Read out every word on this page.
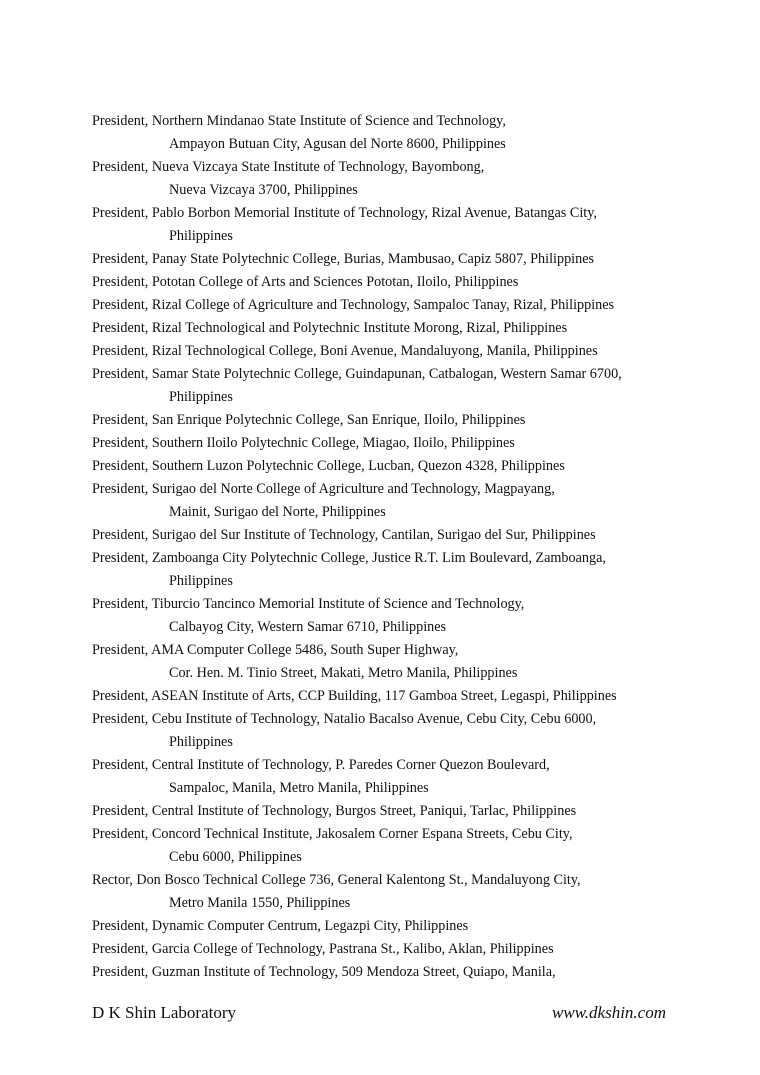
President, Northern Mindanao State Institute of Science and Technology,
Ampayon Butuan City, Agusan del Norte 8600, Philippines
President, Nueva Vizcaya State Institute of Technology, Bayombong,
Nueva Vizcaya 3700, Philippines
President, Pablo Borbon Memorial Institute of Technology, Rizal Avenue, Batangas City,
Philippines
President, Panay State Polytechnic College, Burias, Mambusao, Capiz 5807, Philippines
President, Pototan College of Arts and Sciences Pototan, Iloilo, Philippines
President, Rizal College of Agriculture and Technology, Sampaloc Tanay, Rizal, Philippines
President, Rizal Technological and Polytechnic Institute Morong, Rizal, Philippines
President, Rizal Technological College, Boni Avenue, Mandaluyong, Manila, Philippines
President, Samar State Polytechnic College, Guindapunan, Catbalogan, Western Samar 6700,
Philippines
President, San Enrique Polytechnic College, San Enrique, Iloilo, Philippines
President, Southern Iloilo Polytechnic College, Miagao, Iloilo, Philippines
President, Southern Luzon Polytechnic College, Lucban, Quezon 4328, Philippines
President, Surigao del Norte College of Agriculture and Technology, Magpayang,
Mainit, Surigao del Norte, Philippines
President, Surigao del Sur Institute of Technology, Cantilan, Surigao del Sur, Philippines
President, Zamboanga City Polytechnic College, Justice R.T. Lim Boulevard, Zamboanga,
Philippines
President, Tiburcio Tancinco Memorial Institute of Science and Technology,
Calbayog City, Western Samar 6710, Philippines
President, AMA Computer College 5486, South Super Highway,
Cor. Hen. M. Tinio Street, Makati, Metro Manila, Philippines
President, ASEAN Institute of Arts, CCP Building, 117 Gamboa Street, Legaspi, Philippines
President, Cebu Institute of Technology, Natalio Bacalso Avenue, Cebu City, Cebu 6000,
Philippines
President, Central Institute of Technology, P. Paredes Corner Quezon Boulevard,
Sampaloc, Manila, Metro Manila, Philippines
President, Central Institute of Technology, Burgos Street, Paniqui, Tarlac, Philippines
President, Concord Technical Institute, Jakosalem Corner Espana Streets, Cebu City,
Cebu 6000, Philippines
Rector, Don Bosco Technical College 736, General Kalentong St., Mandaluyong City,
Metro Manila 1550, Philippines
President, Dynamic Computer Centrum, Legazpi City, Philippines
President, Garcia College of Technology, Pastrana St., Kalibo, Aklan, Philippines
President, Guzman Institute of Technology, 509 Mendoza Street, Quiapo, Manila,
D K Shin Laboratory	www.dkshin.com
